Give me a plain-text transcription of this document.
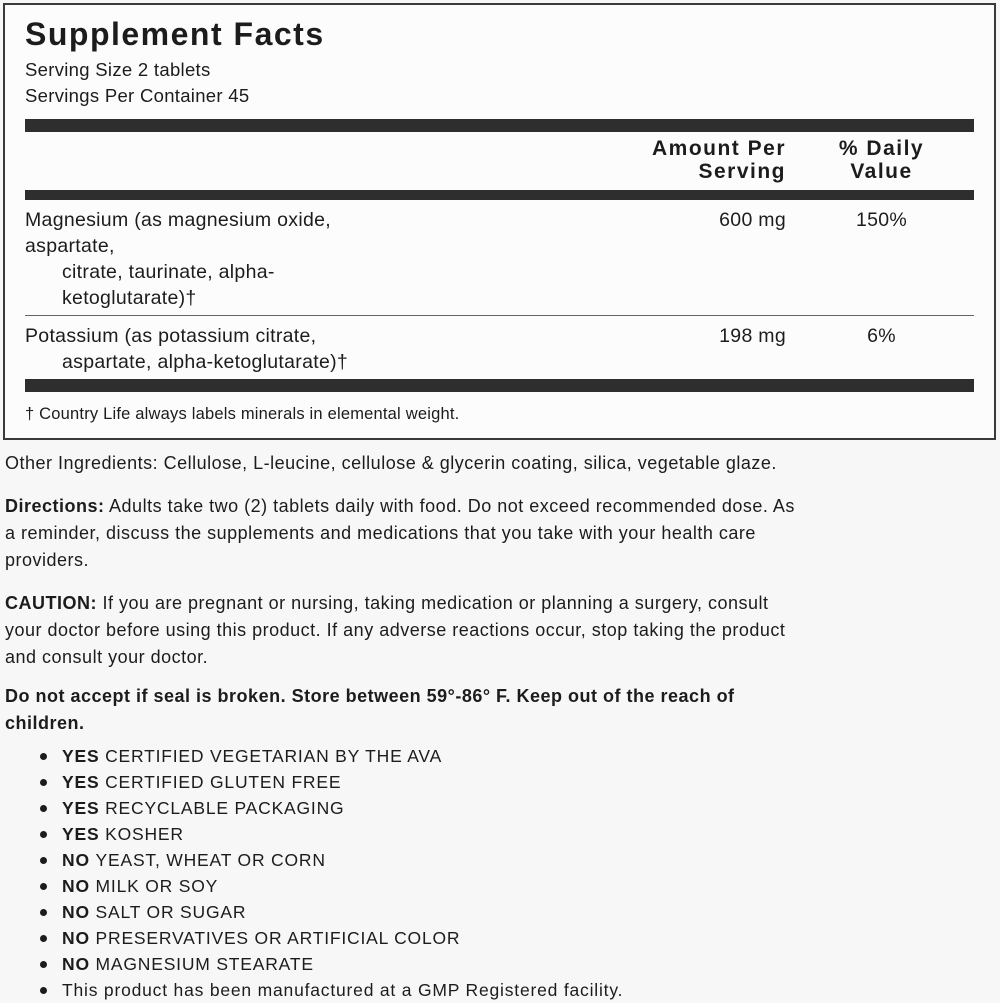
Supplement Facts
Serving Size 2 tablets
Servings Per Container 45
Amount Per
Serving
% Daily
Value
Magnesium (as magnesium oxide,
aspartate,
citrate, taurinate, alpha-
ketoglutarate)†
600 mg	150%
Potassium (as potassium citrate,
aspartate, alpha-ketoglutarate)†
198 mg	6%
† Country Life always labels minerals in elemental weight.

Other Ingredients: Cellulose, L-leucine, cellulose & glycerin coating, silica, vegetable glaze.

Directions: Adults take two (2) tablets daily with food. Do not exceed recommended dose. As
a reminder, discuss the supplements and medications that you take with your health care
providers.

CAUTION: If you are pregnant or nursing, taking medication or planning a surgery, consult
your doctor before using this product. If any adverse reactions occur, stop taking the product
and consult your doctor.

Do not accept if seal is broken. Store between 59°-86° F. Keep out of the reach of
children.

YES CERTIFIED VEGETARIAN BY THE AVA
YES CERTIFIED GLUTEN FREE
YES RECYCLABLE PACKAGING
YES KOSHER
NO YEAST, WHEAT OR CORN
NO MILK OR SOY
NO SALT OR SUGAR
NO PRESERVATIVES OR ARTIFICIAL COLOR
NO MAGNESIUM STEARATE
This product has been manufactured at a GMP Registered facility.
